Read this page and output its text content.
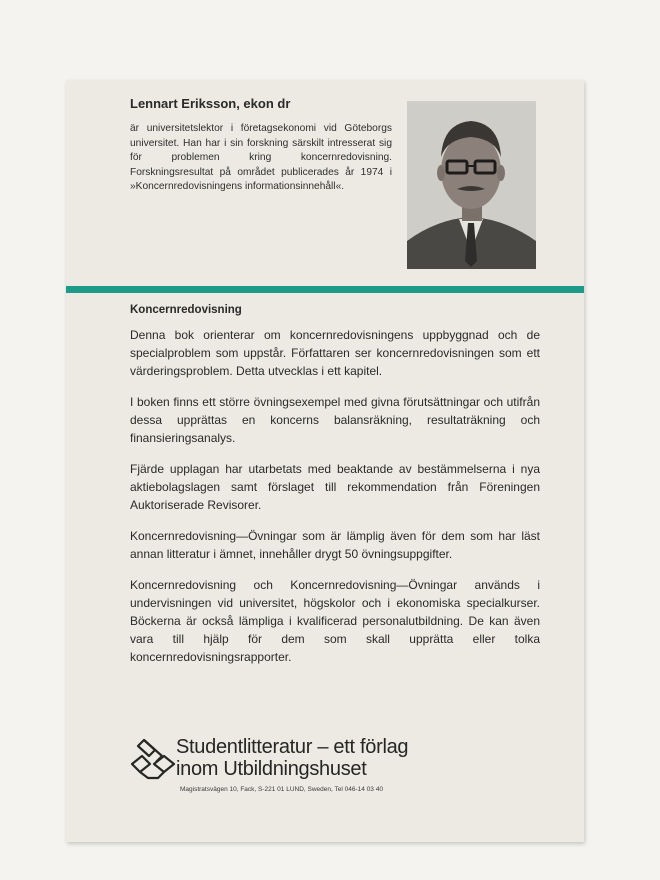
Lennart Eriksson, ekon dr

är universitetslektor i företagsekonomi vid Göteborgs universitet. Han har i sin forskning särskilt intresserat sig för problemen kring koncernredovisning. Forskningsresultat på området publicerades år 1974 i »Koncernredovisningens informationsinnehåll«.

Koncernredovisning

Denna bok orienterar om koncernredovisningens uppbyggnad och de specialproblem som uppstår. Författaren ser koncernredovisningen som ett värderingsproblem. Detta utvecklas i ett kapitel.

I boken finns ett större övningsexempel med givna förutsättningar och utifrån dessa upprättas en koncerns balansräkning, resultaträkning och finansieringsanalys.

Fjärde upplagan har utarbetats med beaktande av bestämmelserna i nya aktiebolagslagen samt förslaget till rekommendation från Föreningen Auktoriserade Revisorer.

Koncernredovisning—Övningar som är lämplig även för dem som har läst annan litteratur i ämnet, innehåller drygt 50 övningsuppgifter.

Koncernredovisning och Koncernredovisning—Övningar används i undervisningen vid universitet, högskolor och i ekonomiska specialkurser. Böckerna är också lämpliga i kvalificerad personalutbildning. De kan även vara till hjälp för dem som skall upprätta eller tolka koncernredovisningsrapporter.

Studentlitteratur – ett förlag
inom Utbildningshuset
Magistratsvägen 10, Fack, S-221 01 LUND, Sweden, Tel 046-14 03 40
